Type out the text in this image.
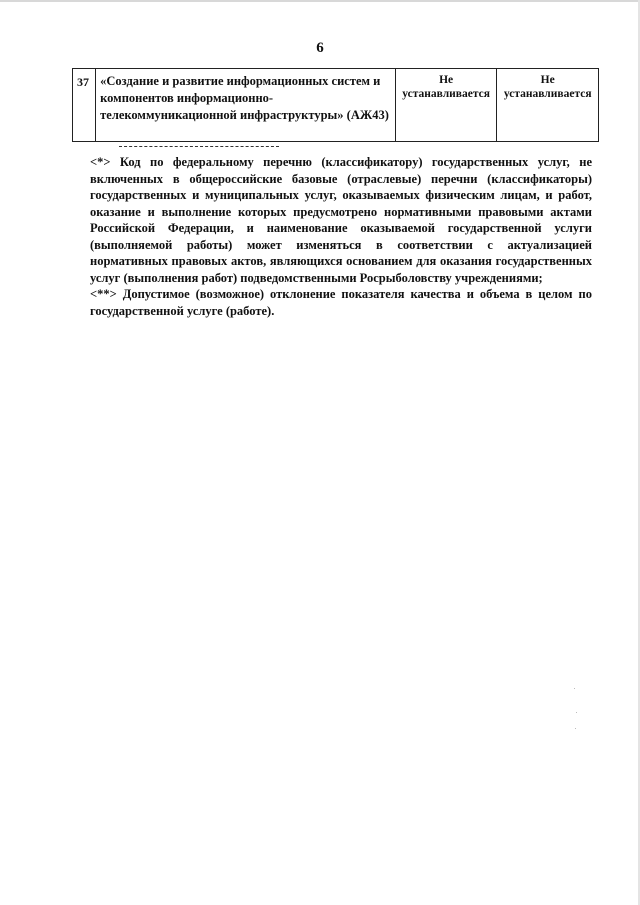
6
37	«Создание и развитие информационных систем и компонентов информационно-телекоммуникационной инфраструктуры» (АЖ43)	Не устанавливается	Не устанавливается

<*> Код по федеральному перечню (классификатору) государственных услуг, не включенных в общероссийские базовые (отраслевые) перечни (классификаторы) государственных и муниципальных услуг, оказываемых физическим лицам, и работ, оказание и выполнение которых предусмотрено нормативными правовыми актами Российской Федерации, и наименование оказываемой государственной услуги (выполняемой работы) может изменяться в соответствии с актуализацией нормативных правовых актов, являющихся основанием для оказания государственных услуг (выполнения работ) подведомственными Росрыболовству учреждениями;

<**> Допустимое (возможное) отклонение показателя качества и объема в целом по государственной услуге (работе).
